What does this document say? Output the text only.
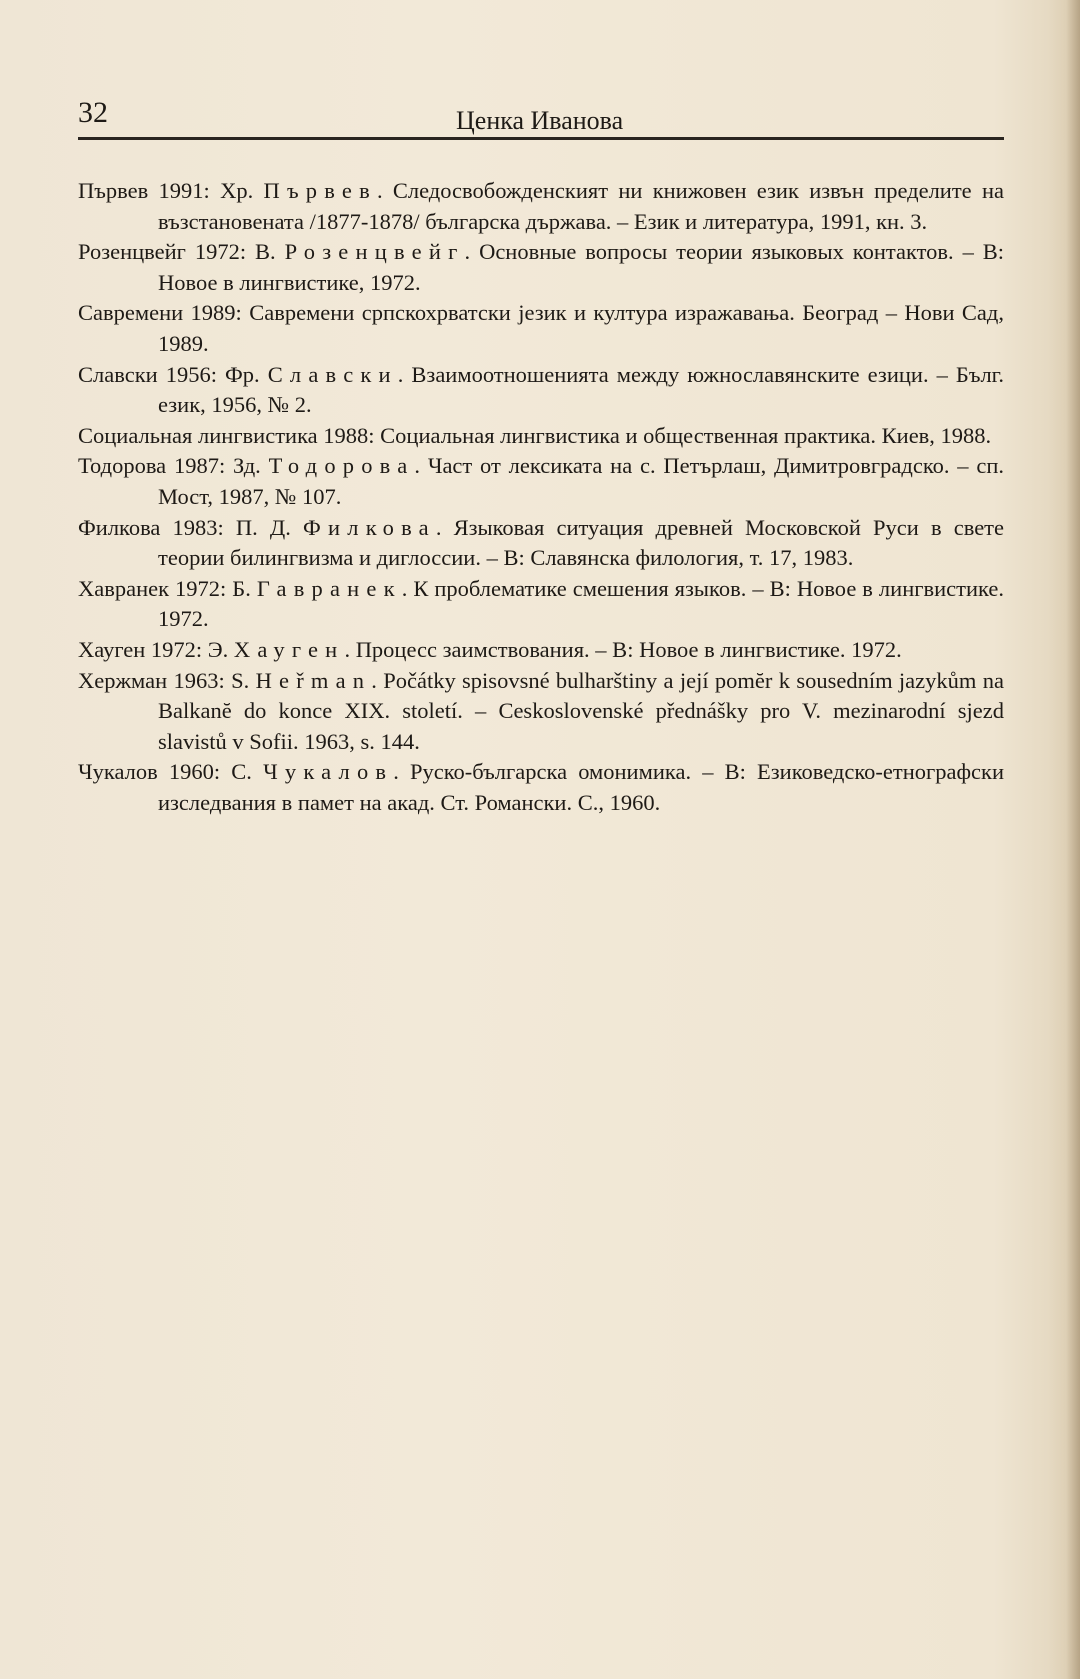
32	Ценка Иванова
Първев 1991: Хр. Първев. Следосвобожденският ни книжовен език извън пределите на възстановената /1877-1878/ българска държава. – Език и литература, 1991, кн. 3.
Розенцвейг 1972: В. Розенцвейг. Основные вопросы теории языковых контактов. – В: Новое в лингвистике, 1972.
Савремени 1989: Савремени српскохрватски језик и култура изражавања. Београд – Нови Сад, 1989.
Славски 1956: Фр. Славски. Взаимоотношенията между южнославянските езици. – Бълг. език, 1956, № 2.
Социальная лингвистика 1988: Социальная лингвистика и общественная практика. Киев, 1988.
Тодорова 1987: Зд. Тодорова. Част от лексиката на с. Петърлаш, Димитровградско. – сп. Мост, 1987, № 107.
Филкова 1983: П. Д. Филкова. Языковая ситуация древней Московской Руси в свете теории билингвизма и диглоссии. – В: Славянска филология, т. 17, 1983.
Хавранек 1972: Б. Гавранек. К проблематике смешения языков. – В: Новое в лингвистике. 1972.
Хауген 1972: Э. Хауген. Процесс заимствования. – В: Новое в лингвистике. 1972.
Хержман 1963: S. Heřman. Počátky spisovsné bulharštiny a její pomĕr k sousedním jazykům na Balkanĕ do konce XIX. století. – Ceskoslovenské přednášky pro V. mezinarodní sjezd slavistů v Sofii. 1963, s. 144.
Чукалов 1960: С. Чукалов. Руско-българска омонимика. – В: Езиковедско-етнографски изследвания в памет на акад. Ст. Романски. С., 1960.
